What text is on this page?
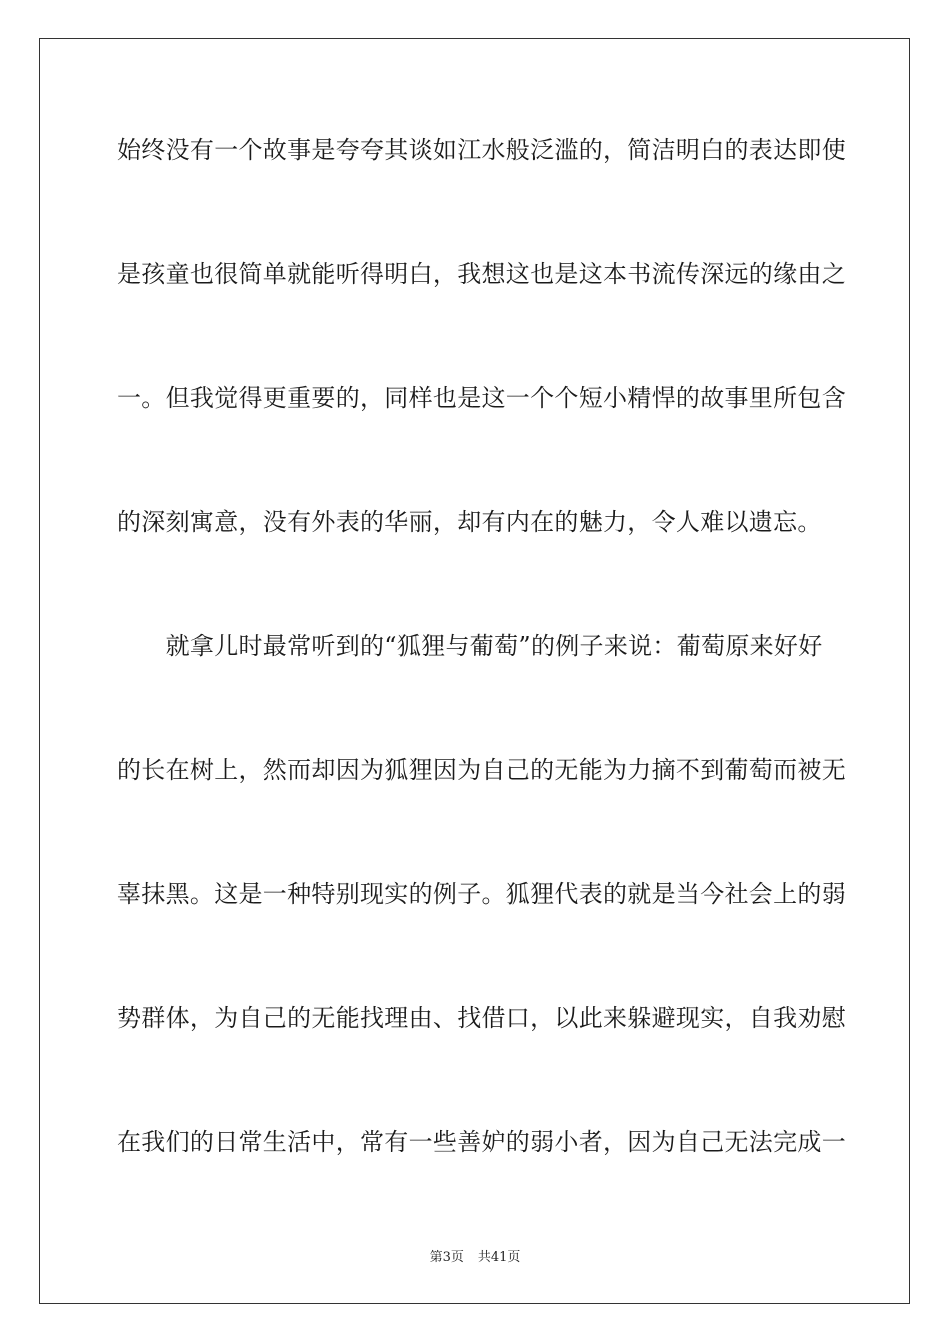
始终没有一个故事是夸夸其谈如江水般泛滥的，简洁明白的表达即使
是孩童也很简单就能听得明白，我想这也是这本书流传深远的缘由之
一。但我觉得更重要的，同样也是这一个个短小精悍的故事里所包含
的深刻寓意，没有外表的华丽，却有内在的魅力，令人难以遗忘。
　　就拿儿时最常听到的“狐狸与葡萄”的例子来说：葡萄原来好好
的长在树上，然而却因为狐狸因为自己的无能为力摘不到葡萄而被无
辜抹黑。这是一种特别现实的例子。狐狸代表的就是当今社会上的弱
势群体，为自己的无能找理由、找借口，以此来躲避现实，自我劝慰
在我们的日常生活中，常有一些善妒的弱小者，因为自己无法完成一
第3页 共41页
